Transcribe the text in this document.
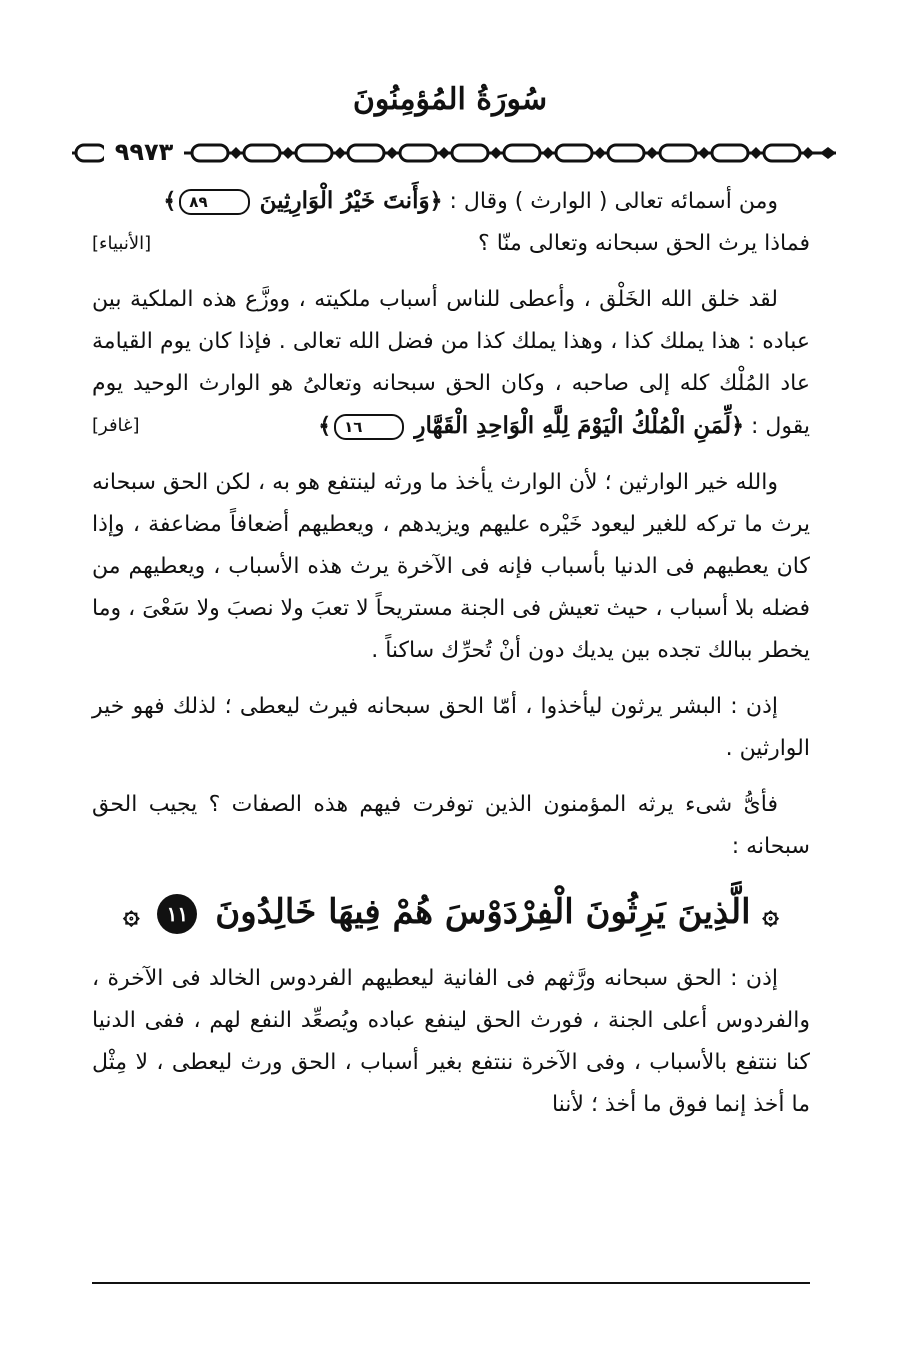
سُورَةُ المُؤمِنُونَ
٩٩٧٣

ومن أسمائه تعالى ( الوارث ) وقال : ﴿وَأَنتَ خَيْرُ الْوَارِثِينَ ٨٩﴾

[الأنبياء]	فماذا يرث الحق سبحانه وتعالى منّا ؟

لقد خلق الله الخَلْق ، وأعطى للناس أسباب ملكيته ، ووزَّع هذه الملكية بين عباده : هذا يملك كذا ، وهذا يملك كذا من فضل الله تعالى . فإذا كان يوم القيامة عاد المُلْك كله إلى صاحبه ، وكان الحق سبحانه وتعالىُ هو الوارث الوحيد يوم يقول : ﴿لِّمَنِ الْمُلْكُ الْيَوْمَ لِلَّهِ الْوَاحِدِ الْقَهَّارِ ١٦﴾
[غافر]

والله خير الوارثين ؛ لأن الوارث يأخذ ما ورثه لينتفع هو به ، لكن الحق سبحانه يرث ما تركه للغير ليعود خَيْره عليهم ويزيدهم ، ويعطيهم أضعافاً مضاعفة ، وإذا كان يعطيهم فى الدنيا بأسباب فإنه فى الآخرة يرث هذه الأسباب ، ويعطيهم من فضله بلا أسباب ، حيث تعيش فى الجنة مستريحاً لا تعبَ ولا نصبَ ولا سَعْىَ ، وما يخطر ببالك تجده بين يديك دون أنْ تُحرِّك ساكناً .

إذن : البشر يرثون ليأخذوا ، أمّا الحق سبحانه فيرث ليعطى ؛ لذلك فهو خير الوارثين .

فأىُّ شىء يرثه المؤمنون الذين توفرت فيهم هذه الصفات ؟ يجيب الحق سبحانه :

۞ الَّذِينَ يَرِثُونَ الْفِرْدَوْسَ هُمْ فِيهَا خَالِدُونَ ١١ ۞

إذن : الحق سبحانه ورَّثهم فى الفانية ليعطيهم الفردوس الخالد فى الآخرة ، والفردوس أعلى الجنة ، فورث الحق لينفع عباده ويُصعِّد النفع لهم ، ففى الدنيا كنا ننتفع بالأسباب ، وفى الآخرة ننتفع بغير أسباب ، الحق ورث ليعطى ، لا مِثْل ما أخذ إنما فوق ما أخذ ؛ لأننا
